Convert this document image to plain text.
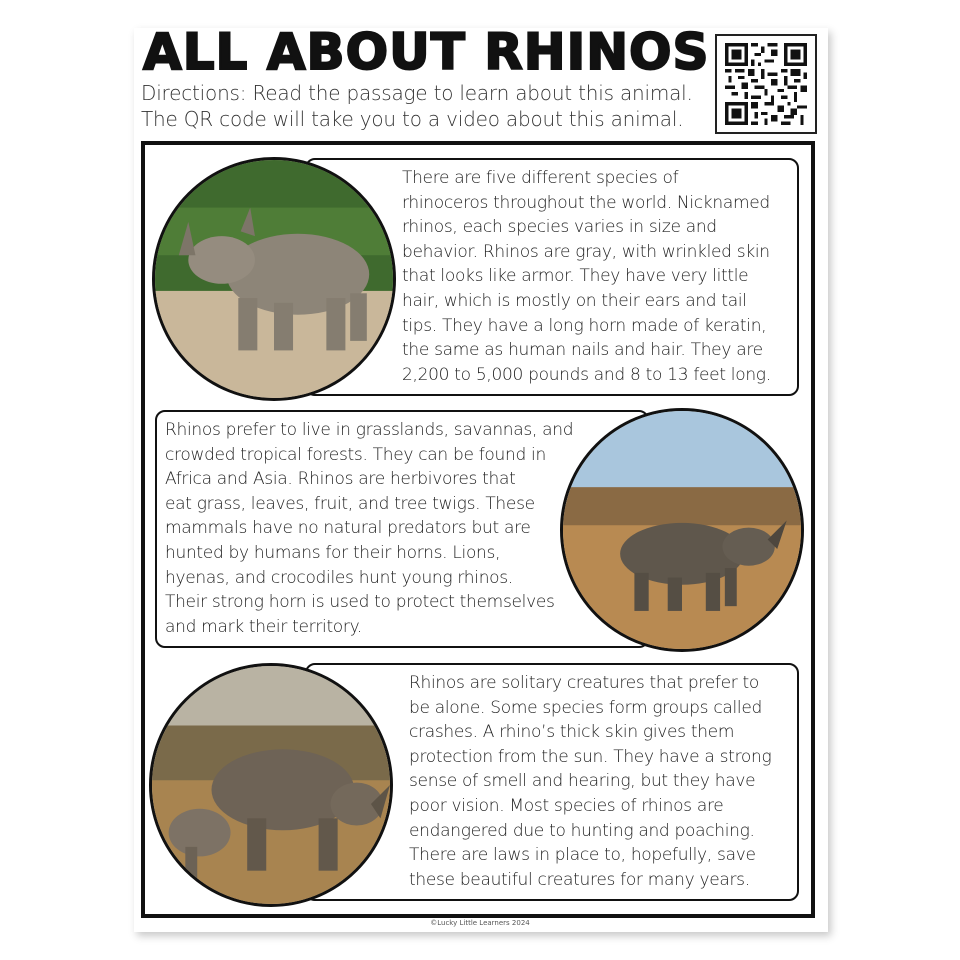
ALL ABOUT RHINOS
Directions: Read the passage to learn about this animal.
The QR code will take you to a video about this animal.

There are five different species of
rhinoceros throughout the world. Nicknamed
rhinos, each species varies in size and
behavior. Rhinos are gray, with wrinkled skin
that looks like armor. They have very little
hair, which is mostly on their ears and tail
tips. They have a long horn made of keratin,
the same as human nails and hair. They are
2,200 to 5,000 pounds and 8 to 13 feet long.

Rhinos prefer to live in grasslands, savannas, and
crowded tropical forests. They can be found in
Africa and Asia. Rhinos are herbivores that
eat grass, leaves, fruit, and tree twigs. These
mammals have no natural predators but are
hunted by humans for their horns. Lions,
hyenas, and crocodiles hunt young rhinos.
Their strong horn is used to protect themselves
and mark their territory.

Rhinos are solitary creatures that prefer to
be alone. Some species form groups called
crashes. A rhino’s thick skin gives them
protection from the sun. They have a strong
sense of smell and hearing, but they have
poor vision. Most species of rhinos are
endangered due to hunting and poaching.
There are laws in place to, hopefully, save
these beautiful creatures for many years.

©Lucky Little Learners 2024
